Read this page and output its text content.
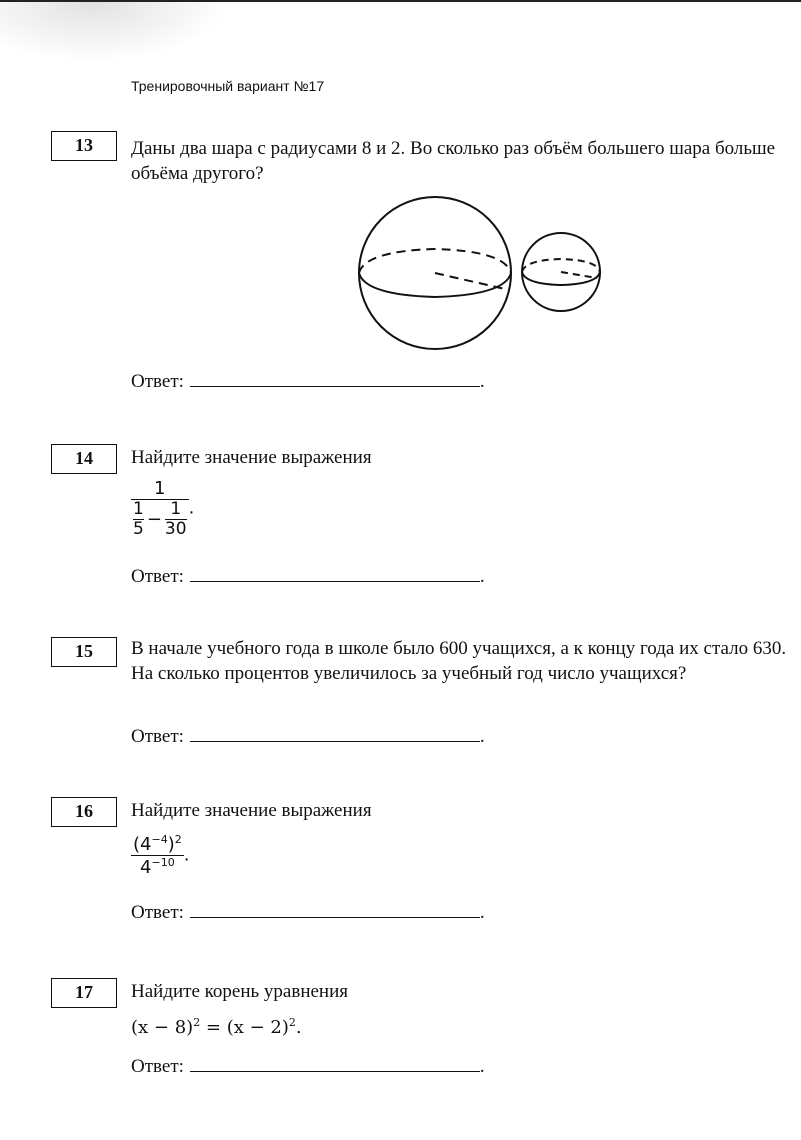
Тренировочный вариант №17
13	Даны два шара с радиусами 8 и 2. Во сколько раз объём большего шара больше объёма другого?
Ответ:	.
14	Найдите значение выражения
1
$\frac{1}{5} - \frac{1}{30}$ .
Ответ:	.
15	В начале учебного года в школе было 600 учащихся, а к концу года их стало 630. На сколько процентов увеличилось за учебный год число учащихся?
Ответ:	.
16	Найдите значение выражения
$\frac{(4^{-4})^2}{4^{-10}}$ .
Ответ:	.
17	Найдите корень уравнения
$(x - 8)^2 = (x - 2)^2$.
Ответ:	.
